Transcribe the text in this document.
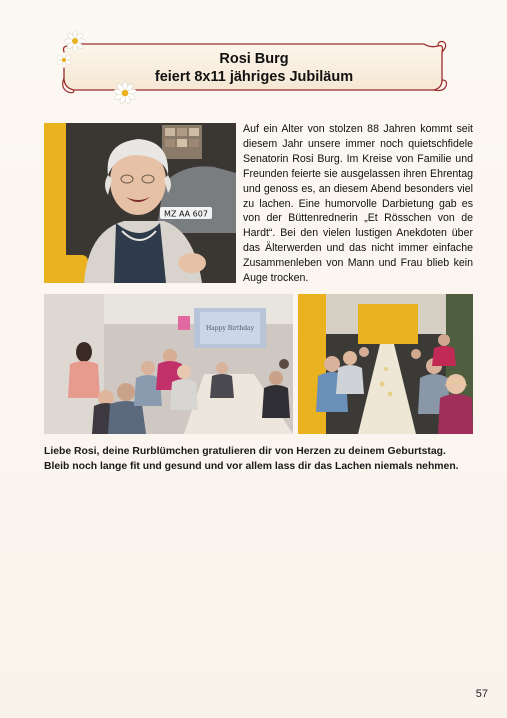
Rosi Burg
feiert 8x11 jähriges Jubiläum
MZ AA 607

Auf ein Alter von stolzen 88 Jahren kommt seit diesem Jahr unsere immer noch quietschfidele Senatorin Rosi Burg. Im Kreise von Familie und Freunden feierte sie ausgelassen ihren Ehrentag und genoss es, an diesem Abend besonders viel zu lachen. Eine humorvolle Darbietung gab es von der Büttenrednerin „Et Rösschen von de Hardt“. Bei den vielen lustigen Anekdoten über das Älterwerden und das nicht immer einfache Zusammenleben von Mann und Frau blieb kein Auge trocken.

Happy Birthday

Liebe Rosi, deine Rurblümchen gratulieren dir von Herzen zu deinem Geburtstag.
Bleib noch lange fit und gesund und vor allem lass dir das Lachen niemals nehmen.

57
